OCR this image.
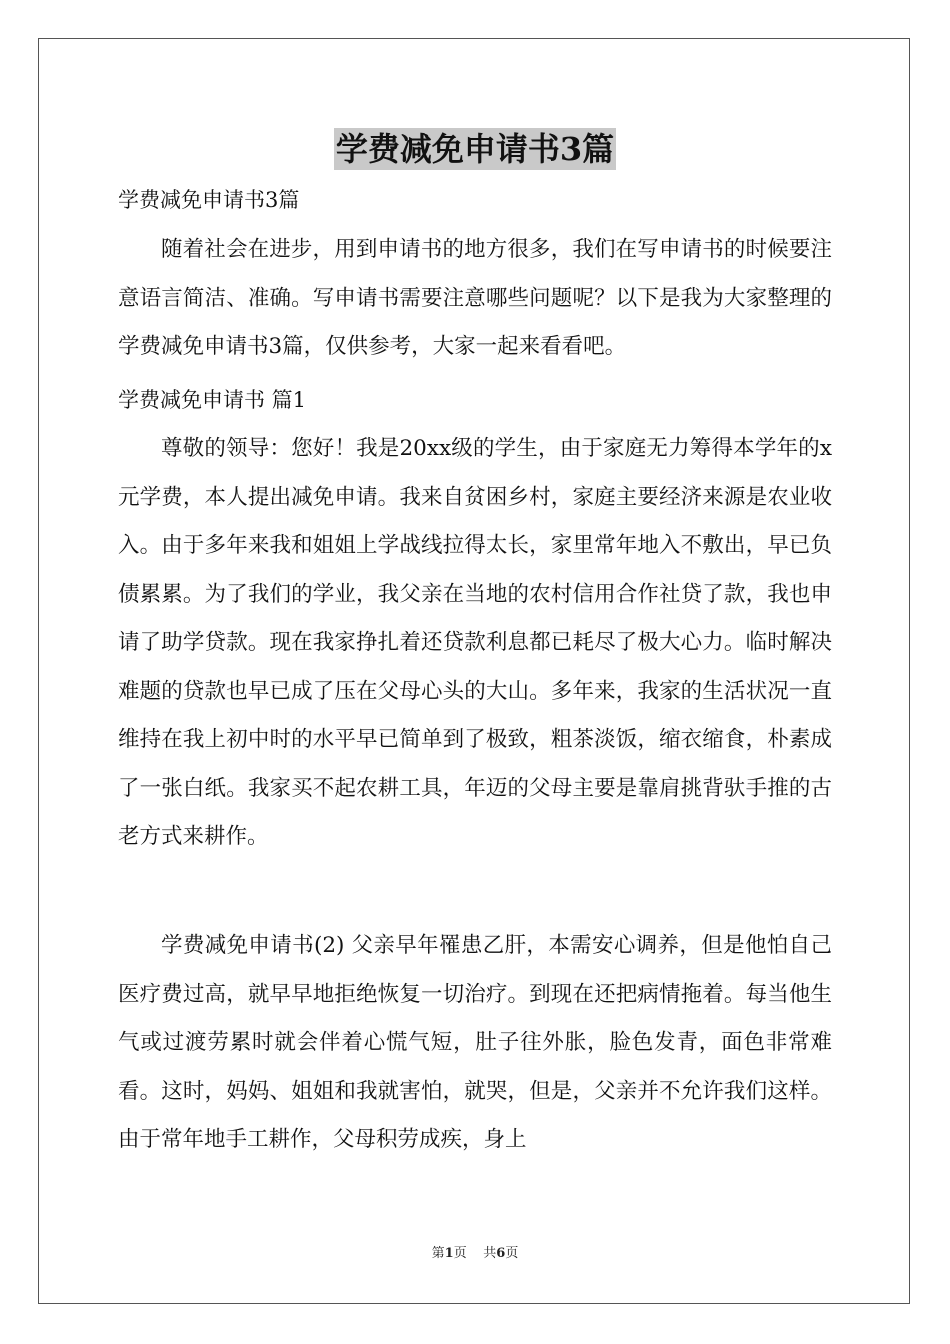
学费减免申请书3篇
学费减免申请书3篇

随着社会在进步，用到申请书的地方很多，我们在写申请书的时候要注意语言简洁、准确。写申请书需要注意哪些问题呢？以下是我为大家整理的学费减免申请书3篇，仅供参考，大家一起来看看吧。

学费减免申请书 篇1

尊敬的领导：您好！我是20xx级的学生，由于家庭无力筹得本学年的x元学费，本人提出减免申请。我来自贫困乡村，家庭主要经济来源是农业收入。由于多年来我和姐姐上学战线拉得太长，家里常年地入不敷出，早已负债累累。为了我们的学业，我父亲在当地的农村信用合作社贷了款，我也申请了助学贷款。现在我家挣扎着还贷款利息都已耗尽了极大心力。临时解决难题的贷款也早已成了压在父母心头的大山。多年来，我家的生活状况一直维持在我上初中时的水平早已简单到了极致，粗茶淡饭，缩衣缩食，朴素成了一张白纸。我家买不起农耕工具，年迈的父母主要是靠肩挑背驮手推的古老方式来耕作。

学费减免申请书(2) 父亲早年罹患乙肝，本需安心调养，但是他怕自己医疗费过高，就早早地拒绝恢复一切治疗。到现在还把病情拖着。每当他生气或过渡劳累时就会伴着心慌气短，肚子往外胀，脸色发青，面色非常难看。这时，妈妈、姐姐和我就害怕，就哭，但是，父亲并不允许我们这样。由于常年地手工耕作，父母积劳成疾，身上

第1页 共6页
